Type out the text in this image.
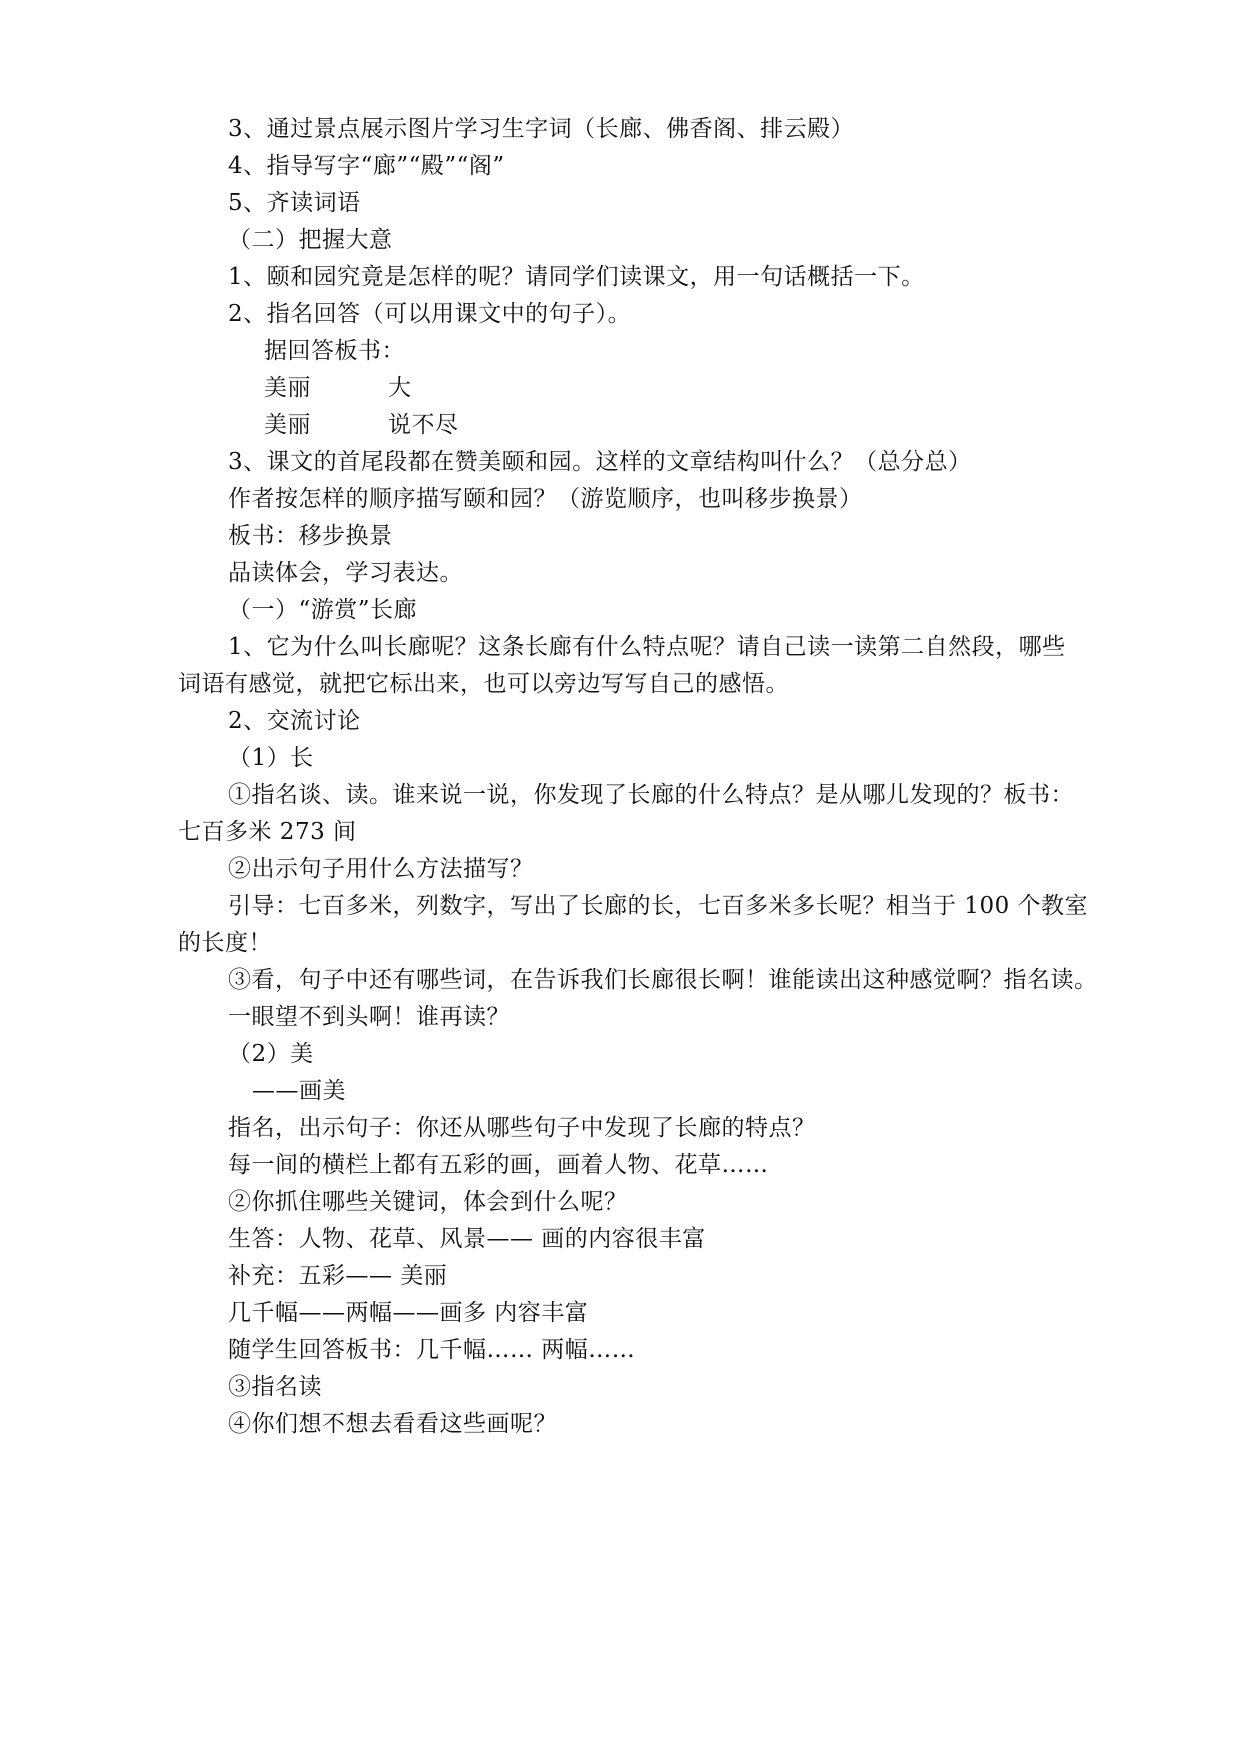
3、通过景点展示图片学习生字词（长廊、佛香阁、排云殿）
4、指导写字“廊”“殿”“阁”
5、齐读词语
（二）把握大意
1、颐和园究竟是怎样的呢？请同学们读课文，用一句话概括一下。
2、指名回答（可以用课文中的句子）。
据回答板书：
美丽	大
美丽	说不尽
3、课文的首尾段都在赞美颐和园。这样的文章结构叫什么？（总分总）
作者按怎样的顺序描写颐和园？（游览顺序，也叫移步换景）
板书：移步换景
品读体会，学习表达。
（一）“游赏”长廊
1、它为什么叫长廊呢？这条长廊有什么特点呢？请自己读一读第二自然段，哪些
词语有感觉，就把它标出来，也可以旁边写写自己的感悟。
2、交流讨论
（1）长
①指名谈、读。谁来说一说，你发现了长廊的什么特点？是从哪儿发现的？板书：
七百多米 273 间
②出示句子用什么方法描写？
引导：七百多米，列数字，写出了长廊的长，七百多米多长呢？相当于 100 个教室
的长度！
③看，句子中还有哪些词，在告诉我们长廊很长啊！谁能读出这种感觉啊？指名读。
一眼望不到头啊！谁再读？
（2）美
——画美
指名，出示句子：你还从哪些句子中发现了长廊的特点？
每一间的横栏上都有五彩的画，画着人物、花草……
②你抓住哪些关键词，体会到什么呢？
生答：人物、花草、风景—— 画的内容很丰富
补充：五彩—— 美丽
几千幅——两幅——画多 内容丰富
随学生回答板书：几千幅…… 两幅……
③指名读
④你们想不想去看看这些画呢？
